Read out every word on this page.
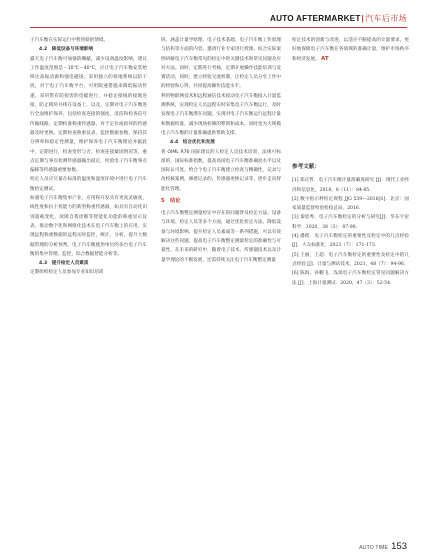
AUTO AFTERMARKET|汽车后市场

子汽车衡在实际运行中暂到稳的情境。

4.2　降低设备与环境影响

露天电子汽车衡可加强防嘲蔽，减少设备温度影响，建议工作温度范围是－10℃～40℃，应让电子汽车衡安装始终达高振动源和强电磁场。采用独立的接地系统以防干扰，对于电子汽车衡平台，可用限速措施来降低振动传递，采用带有防损害的电缆进行，并稳定接线的接地连接，防止模块并排在设备上，以及，定期对电子汽车衡进行全面维护保养，包括检查连接的强度、清洁和检查信号传输线路，定期校准称重传感器，对于定位或损坏的传感器及时更换。定期检查称重仪表，监控数据参数，保持其分辨率和稳定性测量，维护保养电子汽车衡理论并据此中，定期进行，检查变形与否，检查连接紧固情况等，重点定期与零点检测传感器输出稳定，检验电子汽车衡零点偏移等传感器重要参数。

检定人员应尽量在标准的温度和湿度环境中进行电子汽车衡检定测试。

如遇电子汽车衡集单产业，应用和开发具有更高灵敏度、线性度和抗干扰能力的新型称重传感器，如具有自动化识别超载变化，故障自我诊断等智能化功能的称重显示仪表，推动数字化和网络化技术在电子汽车衡上的应用，实现远程称重数据的远程实时监控，统计、分析，提升大数据管理的分析预判。电子汽车衡使用单位的多台电子汽车衡的集中管理、监控，综合数据智能分析等。

4.3　提升检定人员素质

定期组织检定人员参加专业知识培训

班、涵盖计量学原理、电子技术基础、电子汽车衡工作原理与结构等方面的内容，邀请行业专家进行授课。结合实际案例讲解电子汽车衡常见的检定中的关键技术和常见问题及应对方法。同时，定期进行考核，定期开展操作技能培训与竞赛活动，同时，建立经验交流机制，让检定人员分享工作中的经验和心得，共同提高操作技能水平。

利用物联网技术和远程通信技术接动电子汽车衡接入计量监测系统，实现检定人员远程实时采集电子汽车衡运行，及时发现电子汽车衡潜在问题，实现对电子汽车衡运行远程计量和数据校准，减少现场检修的繁琐和成本。同时也为大规模电子汽车衡的计量准确提供帮助支撑。

4.4　结合优化和发展

将 OIML R76 国际建议的人检定人员技术培训，法规可标准的，国际标准指数，提高高国电子汽车衡准确度水平以及国际认可度，给合个电子汽车衡建立检查与精确性，记录与改校核案例，修建记录的，传感器更换记录等，逐步走向智能化管理。

5　结论

电子汽车衡整定测量检定中存在的问题涉及检定方法、设备与环境、检定人员等多个方面，通过优化检定方法、降低设备与环境影响、提升检定人员素质等一系列措施，可以有效解决这些问题，提高电子汽车衡整定测量检定的准确性与可靠性。在未来的研究中，随着电子技术、传感器技术以及计量学理论的不断发展，还需持续关注电子汽车衡整定测量

检定技术的创新与改进，以适应不断提高的计量要求，更好地保障电子汽车衡在各领域的准确计量，维护市场秩序和经济发展。 AT

参考文献：

[1] 郑庆哲．电子汽车衡计量准确度研究 [J]．现代工业经济和信息化，2018，8（11）：84-85.

[2] 数字指示秤检定规程 JJG 539—2016[S]．北京：国家质量监督检验检疫总局，2016.

[3] 秦恩秀．电子汽车衡检定的分析与研究[J]．华东宇宙科学．2020，38（3）：87-90.

[4] 潘程．电子汽车衡检定的重要性及检定中的几点经验 [J]．大众标准化．2023（7）：171-173.

[5] 王丽，王超．电子汽车衡检定的重要性及检定中的几点经验 [J]．计量与测试技术，2021，48（7）：94-96.

[6] 陈海，孙鹏飞．浅谈电子汽车衡检定常见问题解决方法 [J]．上海计量测试．2020，47（3）：52-54.

AUTO TIME 153
